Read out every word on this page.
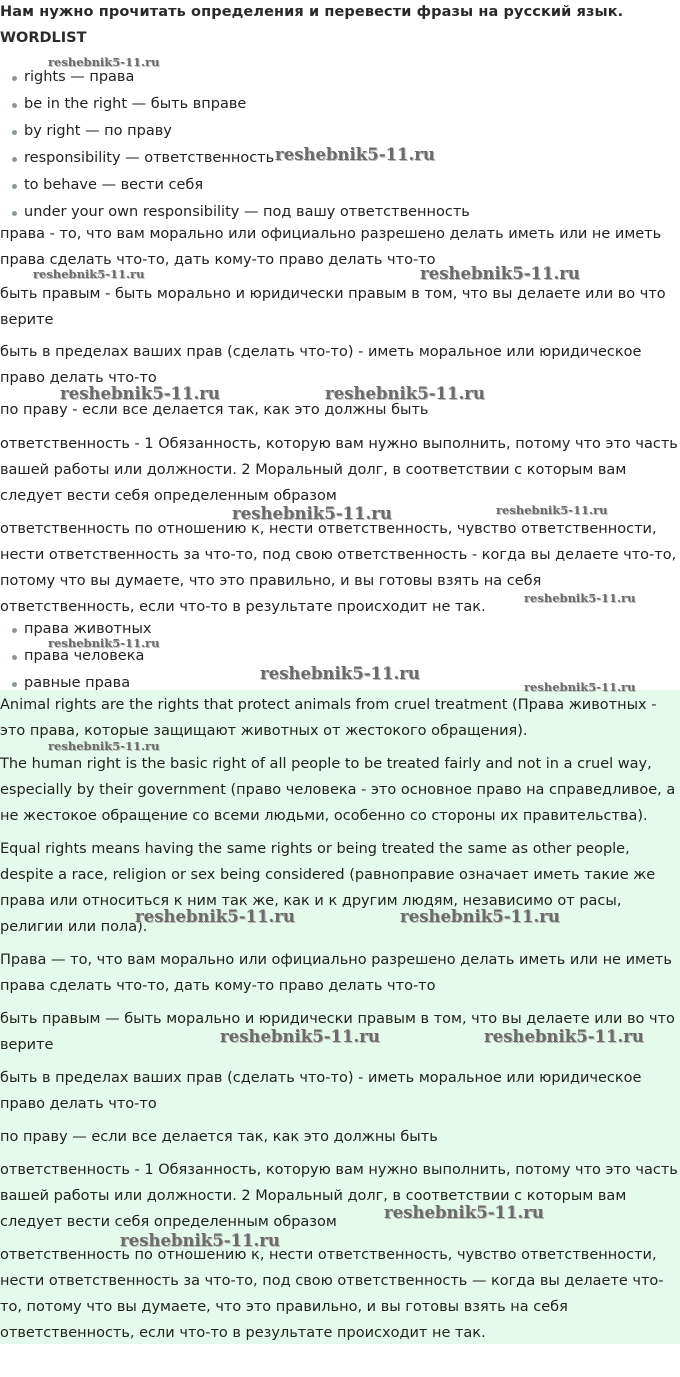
Нам нужно прочитать определения и перевести фразы на русский язык.
WORDLIST
rights — права
be in the right — быть вправе
by right — по праву
responsibility — ответственность
to behave — вести себя
under your own responsibility — под вашу ответственность

права - то, что вам морально или официально разрешено делать иметь или не иметь права сделать что-то, дать кому-то право делать что-то

быть правым - быть морально и юридически правым в том, что вы делаете или во что верите

быть в пределах ваших прав (сделать что-то) - иметь моральное или юридическое право делать что-то

по праву - если все делается так, как это должны быть

ответственность - 1 Обязанность, которую вам нужно выполнить, потому что это часть вашей работы или должности. 2 Моральный долг, в соответствии с которым вам следует вести себя определенным образом

ответственность по отношению к, нести ответственность, чувство ответственности, нести ответственность за что-то, под свою ответственность - когда вы делаете что-то, потому что вы думаете, что это правильно, и вы готовы взять на себя ответственность, если что-то в результате происходит не так.

права животных
права человека
равные права

Animal rights are the rights that protect animals from cruel treatment (Права животных - это права, которые защищают животных от жестокого обращения).

The human right is the basic right of all people to be treated fairly and not in a cruel way, especially by their government (право человека - это основное право на справедливое, а не жестокое обращение со всеми людьми, особенно со стороны их правительства).

Equal rights means having the same rights or being treated the same as other people, despite a race, religion or sex being considered (равноправие означает иметь такие же права или относиться к ним так же, как и к другим людям, независимо от расы, религии или пола).

Права — то, что вам морально или официально разрешено делать иметь или не иметь права сделать что-то, дать кому-то право делать что-то

быть правым — быть морально и юридически правым в том, что вы делаете или во что верите

быть в пределах ваших прав (сделать что-то) - иметь моральное или юридическое право делать что-то

по праву — если все делается так, как это должны быть

ответственность - 1 Обязанность, которую вам нужно выполнить, потому что это часть вашей работы или должности. 2 Моральный долг, в соответствии с которым вам следует вести себя определенным образом

ответственность по отношению к, нести ответственность, чувство ответственности, нести ответственность за что-то, под свою ответственность — когда вы делаете что-то, потому что вы думаете, что это правильно, и вы готовы взять на себя ответственность, если что-то в результате происходит не так.

reshebnik5-11.ru
reshebnik5-11.ru
reshebnik5-11.ru	reshebnik5-11.ru
reshebnik5-11.ru	reshebnik5-11.ru
reshebnik5-11.ru	reshebnik5-11.ru
reshebnik5-11.ru
reshebnik5-11.ru
reshebnik5-11.ru
reshebnik5-11.ru
reshebnik5-11.ru
reshebnik5-11.ru	reshebnik5-11.ru
reshebnik5-11.ru	reshebnik5-11.ru
reshebnik5-11.ru
reshebnik5-11.ru
